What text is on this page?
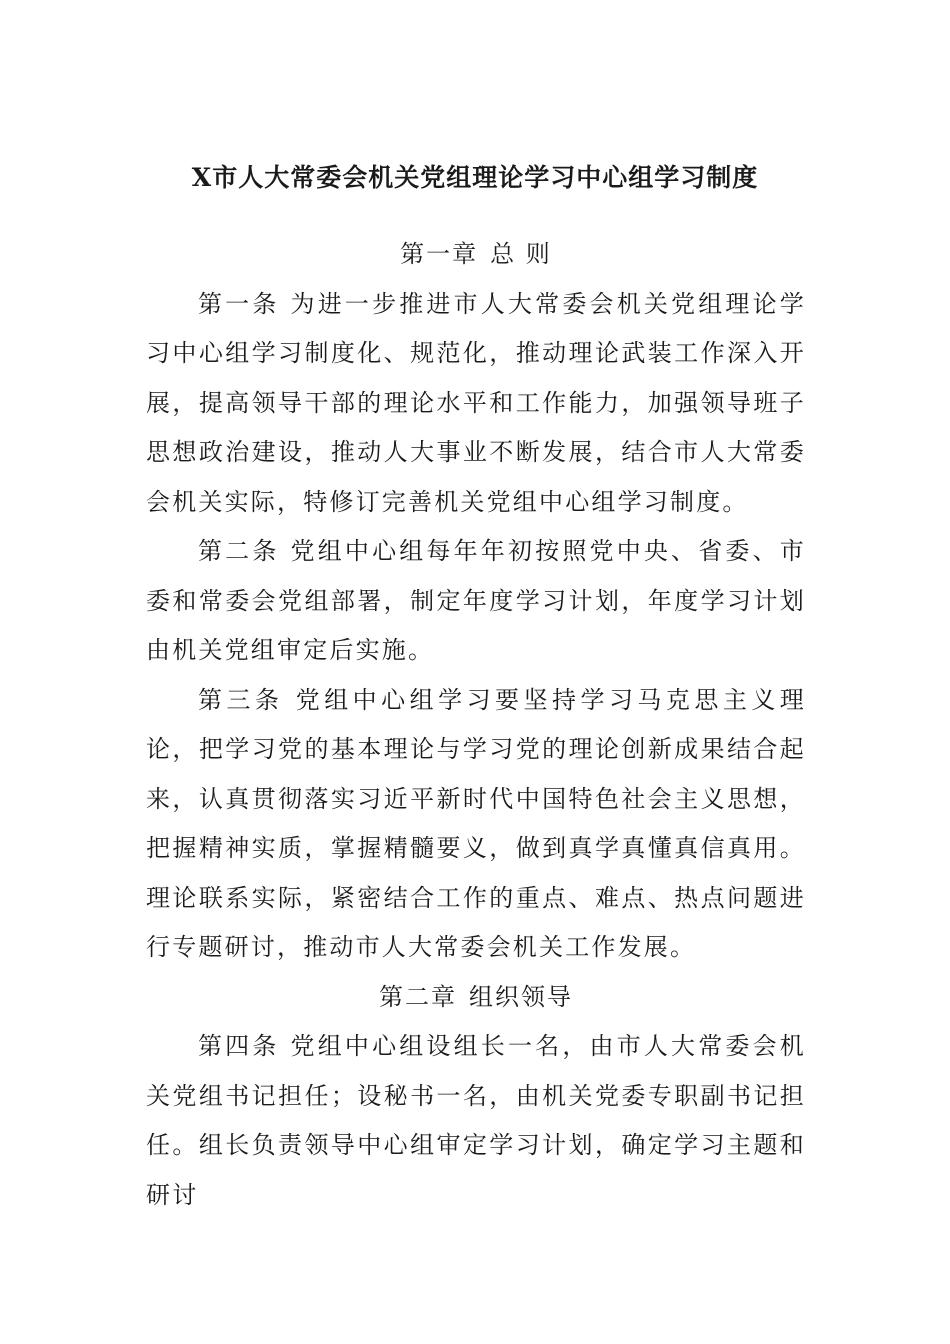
X市人大常委会机关党组理论学习中心组学习制度
第一章 总 则

第一条 为进一步推进市人大常委会机关党组理论学习中心组学习制度化、规范化，推动理论武装工作深入开展，提高领导干部的理论水平和工作能力，加强领导班子思想政治建设，推动人大事业不断发展，结合市人大常委会机关实际，特修订完善机关党组中心组学习制度。

第二条 党组中心组每年年初按照党中央、省委、市委和常委会党组部署，制定年度学习计划，年度学习计划由机关党组审定后实施。

第三条 党组中心组学习要坚持学习马克思主义理论，把学习党的基本理论与学习党的理论创新成果结合起来，认真贯彻落实习近平新时代中国特色社会主义思想，把握精神实质，掌握精髓要义，做到真学真懂真信真用。理论联系实际，紧密结合工作的重点、难点、热点问题进行专题研讨，推动市人大常委会机关工作发展。

第二章 组织领导

第四条 党组中心组设组长一名，由市人大常委会机关党组书记担任；设秘书一名，由机关党委专职副书记担任。组长负责领导中心组审定学习计划，确定学习主题和研讨
